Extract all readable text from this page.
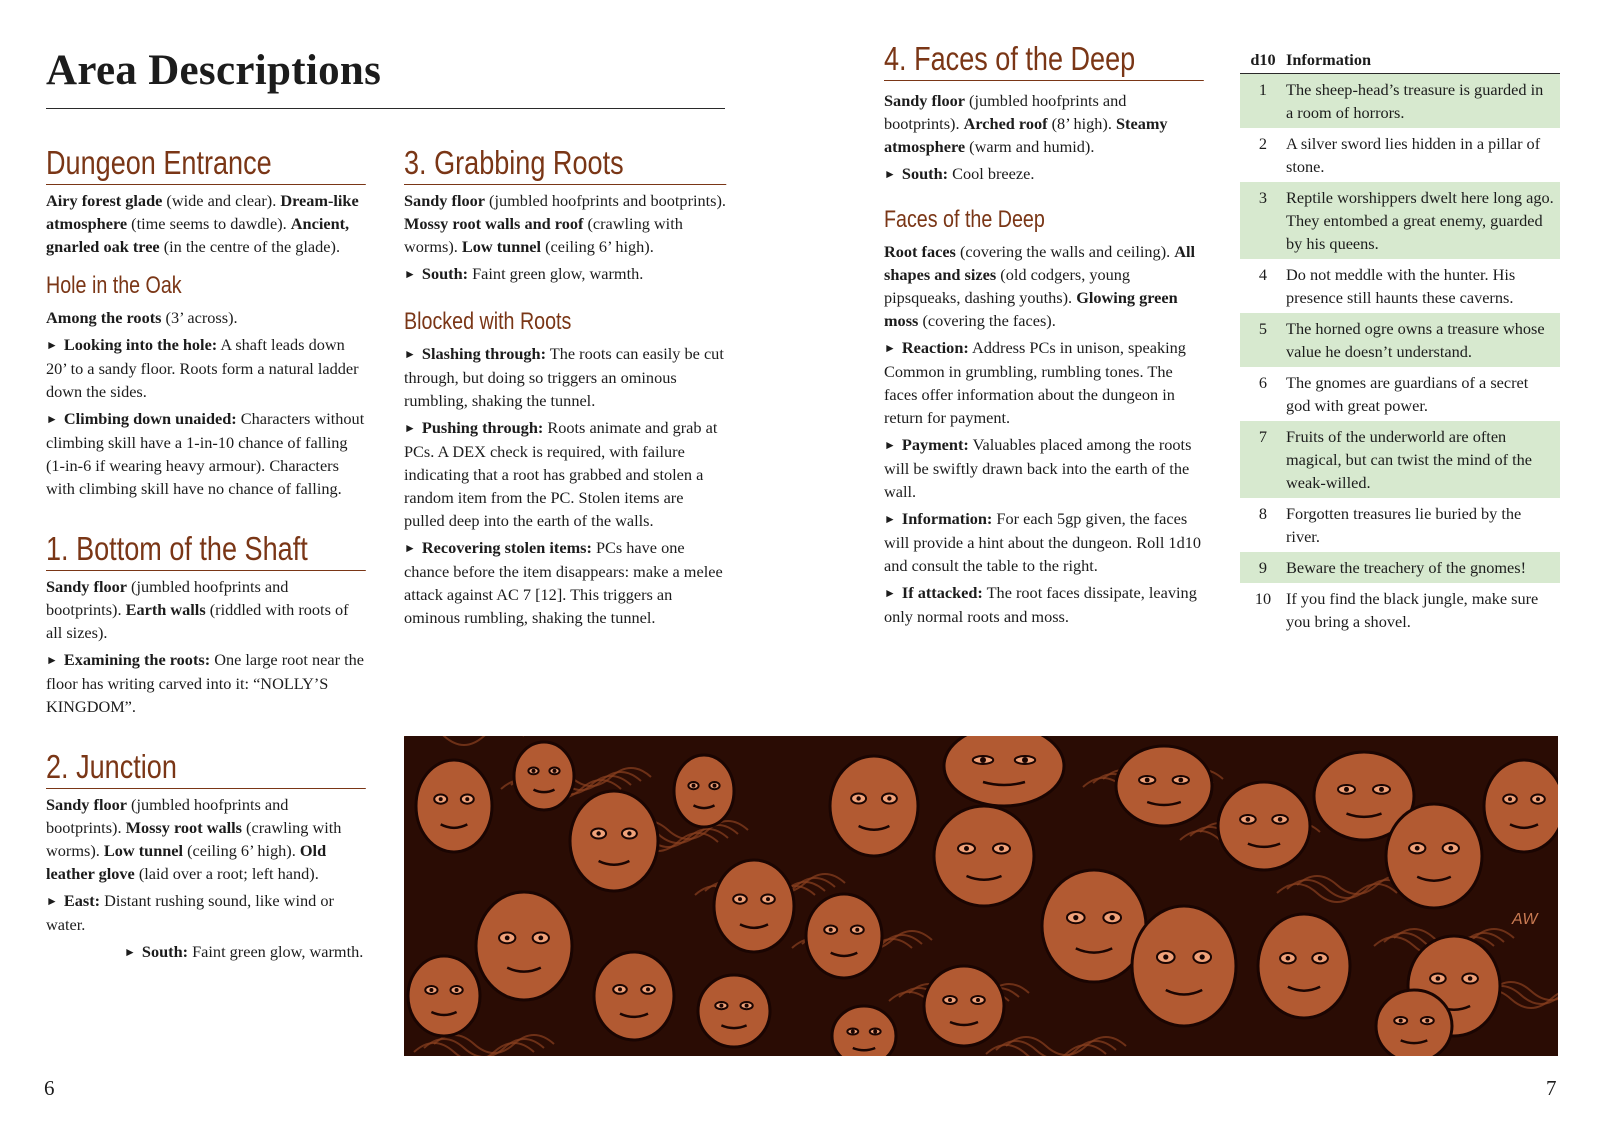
Area Descriptions
Dungeon Entrance

Airy forest glade (wide and clear). Dream-like atmosphere (time seems to dawdle). Ancient, gnarled oak tree (in the centre of the glade).

Hole in the Oak

Among the roots (3’ across).

► Looking into the hole: A shaft leads down 20’ to a sandy floor. Roots form a natural ladder down the sides.

► Climbing down unaided: Characters without climbing skill have a 1-in-10 chance of falling (1-in-6 if wearing heavy armour). Characters with climbing skill have no chance of falling.

1. Bottom of the Shaft

Sandy floor (jumbled hoofprints and bootprints). Earth walls (riddled with roots of all sizes).

► Examining the roots: One large root near the floor has writing carved into it: “NOLLY’S KINGDOM”.

2. Junction

Sandy floor (jumbled hoofprints and bootprints). Mossy root walls (crawling with worms). Low tunnel (ceiling 6’ high). Old leather glove (laid over a root; left hand).

► East: Distant rushing sound, like wind or water.

► South: Faint green glow, warmth.

3. Grabbing Roots

Sandy floor (jumbled hoofprints and bootprints). Mossy root walls and roof (crawling with worms). Low tunnel (ceiling 6’ high).

► South: Faint green glow, warmth.

Blocked with Roots

► Slashing through: The roots can easily be cut through, but doing so triggers an ominous rumbling, shaking the tunnel.

► Pushing through: Roots animate and grab at PCs. A DEX check is required, with failure indicating that a root has grabbed and stolen a random item from the PC. Stolen items are pulled deep into the earth of the walls.

► Recovering stolen items: PCs have one chance before the item disappears: make a melee attack against AC 7 [12]. This triggers an ominous rumbling, shaking the tunnel.

4. Faces of the Deep

Sandy floor (jumbled hoofprints and bootprints). Arched roof (8’ high). Steamy atmosphere (warm and humid).

► South: Cool breeze.

Faces of the Deep

Root faces (covering the walls and ceiling). All shapes and sizes (old codgers, young pipsqueaks, dashing youths). Glowing green moss (covering the faces).

► Reaction: Address PCs in unison, speaking Common in grumbling, rumbling tones. The faces offer information about the dungeon in return for payment.

► Payment: Valuables placed among the roots will be swiftly drawn back into the earth of the wall.

► Information: For each 5gp given, the faces will provide a hint about the dungeon. Roll 1d10 and consult the table to the right.

► If attacked: The root faces dissipate, leaving only normal roots and moss.

d10	Information
1	The sheep-head’s treasure is guarded in a room of horrors.
2	A silver sword lies hidden in a pillar of stone.
3	Reptile worshippers dwelt here long ago. They entombed a great enemy, guarded by his queens.
4	Do not meddle with the hunter. His presence still haunts these caverns.
5	The horned ogre owns a treasure whose value he doesn’t understand.
6	The gnomes are guardians of a secret god with great power.
7	Fruits of the underworld are often magical, but can twist the mind of the weak-willed.
8	Forgotten treasures lie buried by the river.
9	Beware the treachery of the gnomes!
10	If you find the black jungle, make sure you bring a shovel.
AW
6	7
